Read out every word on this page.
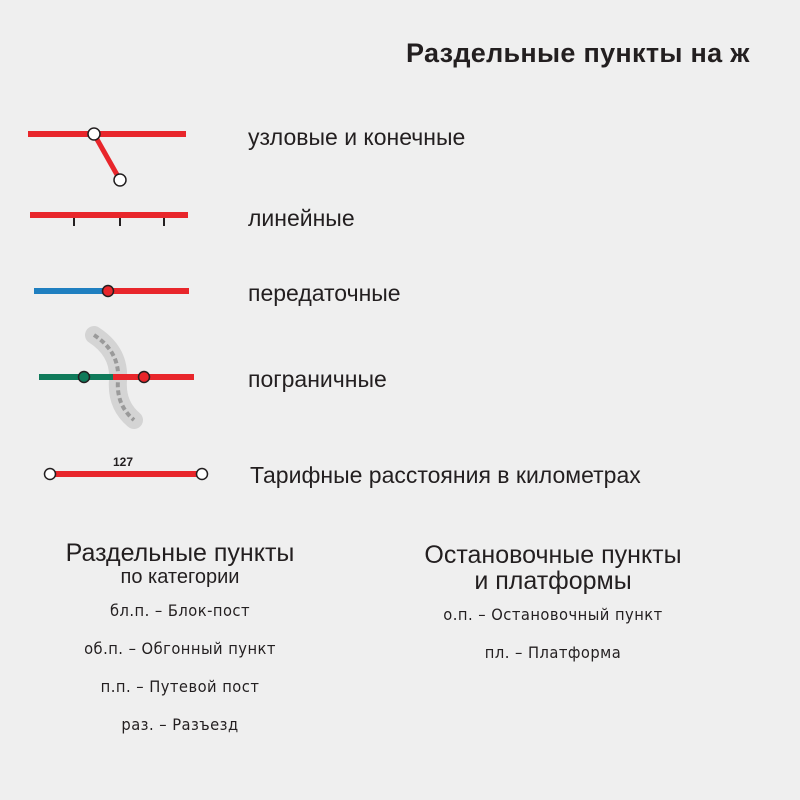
Раздельные пункты на ж
127
узловые и конечные
линейные
передаточные
пограничные
Тарифные расстояния в километрах
Раздельные пункты
по категории
бл.п. – Блок-пост
об.п. – Обгонный пункт
п.п. – Путевой пост
раз. – Разъезд
Остановочные пункты
и платформы
о.п. – Остановочный пункт
пл. – Платформа
